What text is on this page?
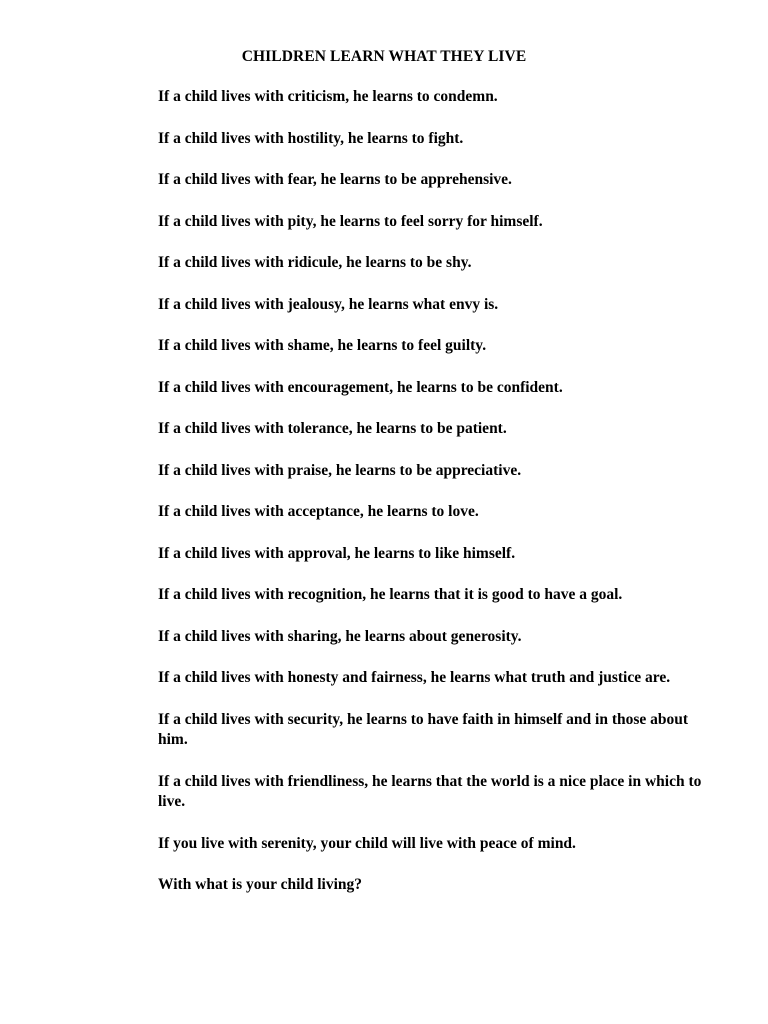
CHILDREN LEARN WHAT THEY LIVE
If a child lives with criticism, he learns to condemn.
If a child lives with hostility, he learns to fight.
If a child lives with fear, he learns to be apprehensive.
If a child lives with pity, he learns to feel sorry for himself.
If a child lives with ridicule, he learns to be shy.
If a child lives with jealousy, he learns what envy is.
If a child lives with shame, he learns to feel guilty.
If a child lives with encouragement, he learns to be confident.
If a child lives with tolerance, he learns to be patient.
If a child lives with praise, he learns to be appreciative.
If a child lives with acceptance, he learns to love.
If a child lives with approval, he learns to like himself.
If a child lives with recognition, he learns that it is good to have a goal.
If a child lives with sharing, he learns about generosity.
If a child lives with honesty and fairness, he learns what truth and justice are.
If a child lives with security, he learns to have faith in himself and in those about him.
If a child lives with friendliness, he learns that the world is a nice place in which to live.
If you live with serenity, your child will live with peace of mind.
With what is your child living?
